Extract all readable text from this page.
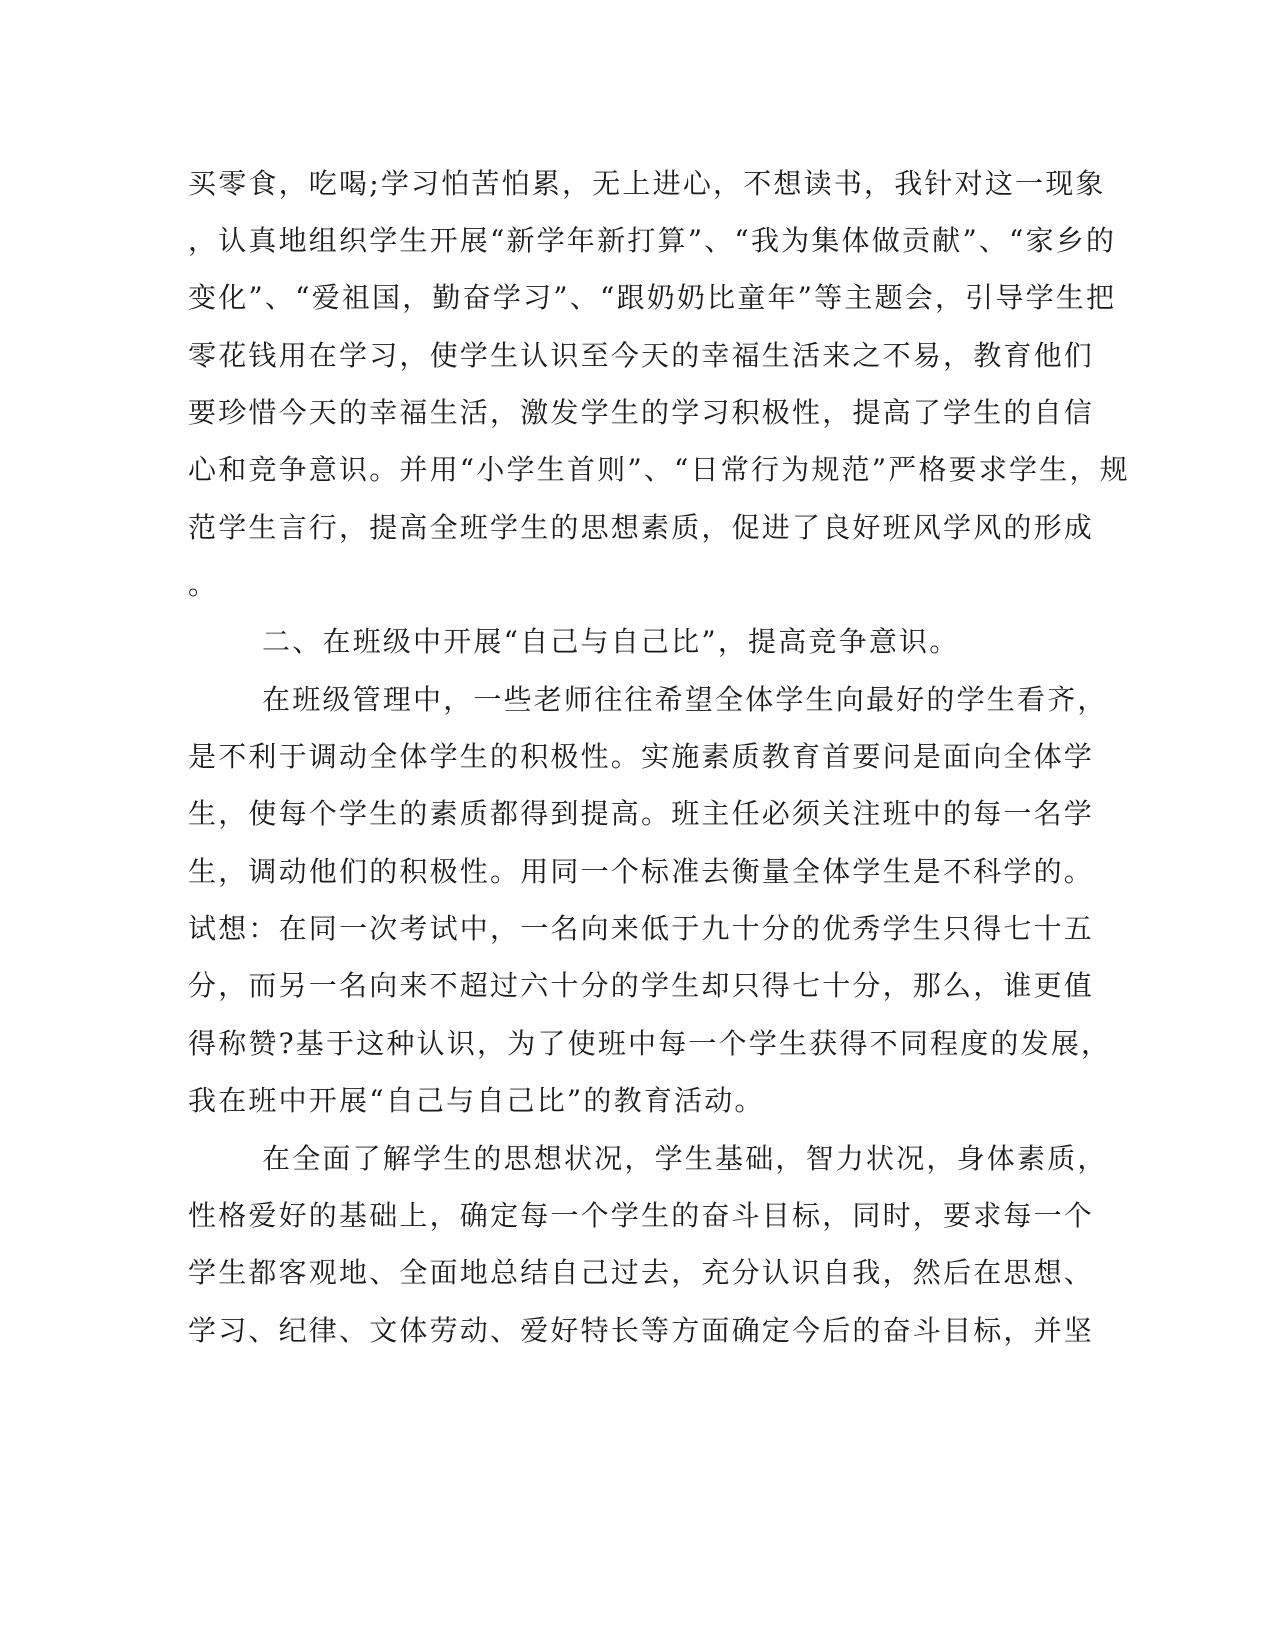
买零食，吃喝;学习怕苦怕累，无上进心，不想读书，我针对这一现象

，认真地组织学生开展“新学年新打算”、“我为集体做贡献”、“家乡的

变化”、“爱祖国，勤奋学习”、“跟奶奶比童年”等主题会，引导学生把

零花钱用在学习，使学生认识至今天的幸福生活来之不易，教育他们

要珍惜今天的幸福生活，激发学生的学习积极性，提高了学生的自信

心和竞争意识。并用“小学生首则”、“日常行为规范”严格要求学生，规

范学生言行，提高全班学生的思想素质，促进了良好班风学风的形成

。

二、在班级中开展“自己与自己比”，提高竞争意识。

在班级管理中，一些老师往往希望全体学生向最好的学生看齐，

是不利于调动全体学生的积极性。实施素质教育首要问是面向全体学

生，使每个学生的素质都得到提高。班主任必须关注班中的每一名学

生，调动他们的积极性。用同一个标准去衡量全体学生是不科学的。

试想：在同一次考试中，一名向来低于九十分的优秀学生只得七十五

分，而另一名向来不超过六十分的学生却只得七十分，那么，谁更值

得称赞?基于这种认识，为了使班中每一个学生获得不同程度的发展，

我在班中开展“自己与自己比”的教育活动。

在全面了解学生的思想状况，学生基础，智力状况，身体素质，

性格爱好的基础上，确定每一个学生的奋斗目标，同时，要求每一个

学生都客观地、全面地总结自己过去，充分认识自我，然后在思想、

学习、纪律、文体劳动、爱好特长等方面确定今后的奋斗目标，并坚
